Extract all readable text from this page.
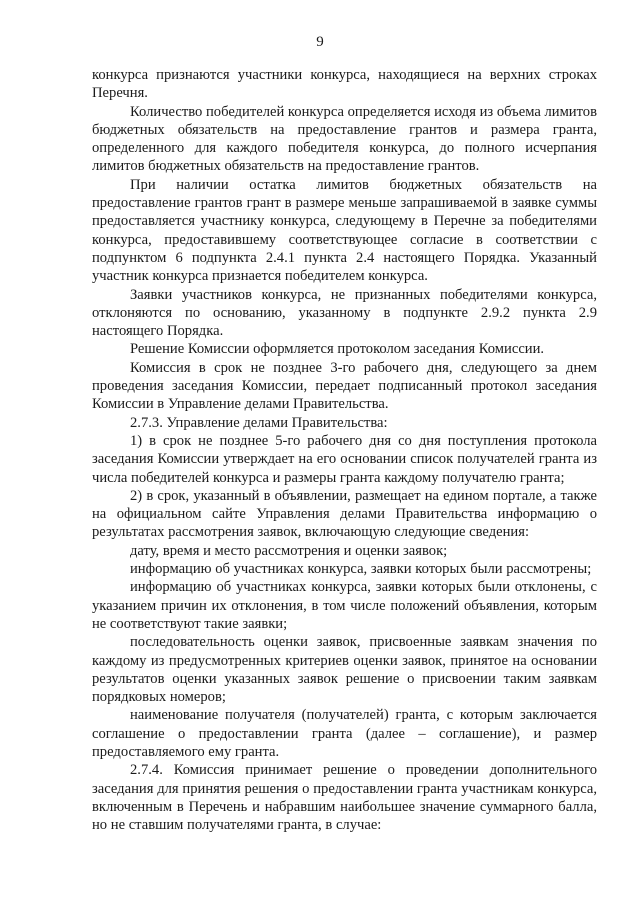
9

конкурса признаются участники конкурса, находящиеся на верхних строках Перечня.

Количество победителей конкурса определяется исходя из объема лимитов бюджетных обязательств на предоставление грантов и размера гранта, определенного для каждого победителя конкурса, до полного исчерпания лимитов бюджетных обязательств на предоставление грантов.

При наличии остатка лимитов бюджетных обязательств на предоставление грантов грант в размере меньше запрашиваемой в заявке суммы предоставляется участнику конкурса, следующему в Перечне за победителями конкурса, предоставившему соответствующее согласие в соответствии с подпунктом 6 подпункта 2.4.1 пункта 2.4 настоящего Порядка. Указанный участник конкурса признается победителем конкурса.

Заявки участников конкурса, не признанных победителями конкурса, отклоняются по основанию, указанному в подпункте 2.9.2 пункта 2.9 настоящего Порядка.

Решение Комиссии оформляется протоколом заседания Комиссии.

Комиссия в срок не позднее 3-го рабочего дня, следующего за днем проведения заседания Комиссии, передает подписанный протокол заседания Комиссии в Управление делами Правительства.

2.7.3. Управление делами Правительства:

1) в срок не позднее 5-го рабочего дня со дня поступления протокола заседания Комиссии утверждает на его основании список получателей гранта из числа победителей конкурса и размеры гранта каждому получателю гранта;

2) в срок, указанный в объявлении, размещает на едином портале, а также на официальном сайте Управления делами Правительства информацию о результатах рассмотрения заявок, включающую следующие сведения:

дату, время и место рассмотрения и оценки заявок;

информацию об участниках конкурса, заявки которых были рассмотрены;

информацию об участниках конкурса, заявки которых были отклонены, с указанием причин их отклонения, в том числе положений объявления, которым не соответствуют такие заявки;

последовательность оценки заявок, присвоенные заявкам значения по каждому из предусмотренных критериев оценки заявок, принятое на основании результатов оценки указанных заявок решение о присвоении таким заявкам порядковых номеров;

наименование получателя (получателей) гранта, с которым заключается соглашение о предоставлении гранта (далее – соглашение), и размер предоставляемого ему гранта.

2.7.4. Комиссия принимает решение о проведении дополнительного заседания для принятия решения о предоставлении гранта участникам конкурса, включенным в Перечень и набравшим наибольшее значение суммарного балла, но не ставшим получателями гранта, в случае:
